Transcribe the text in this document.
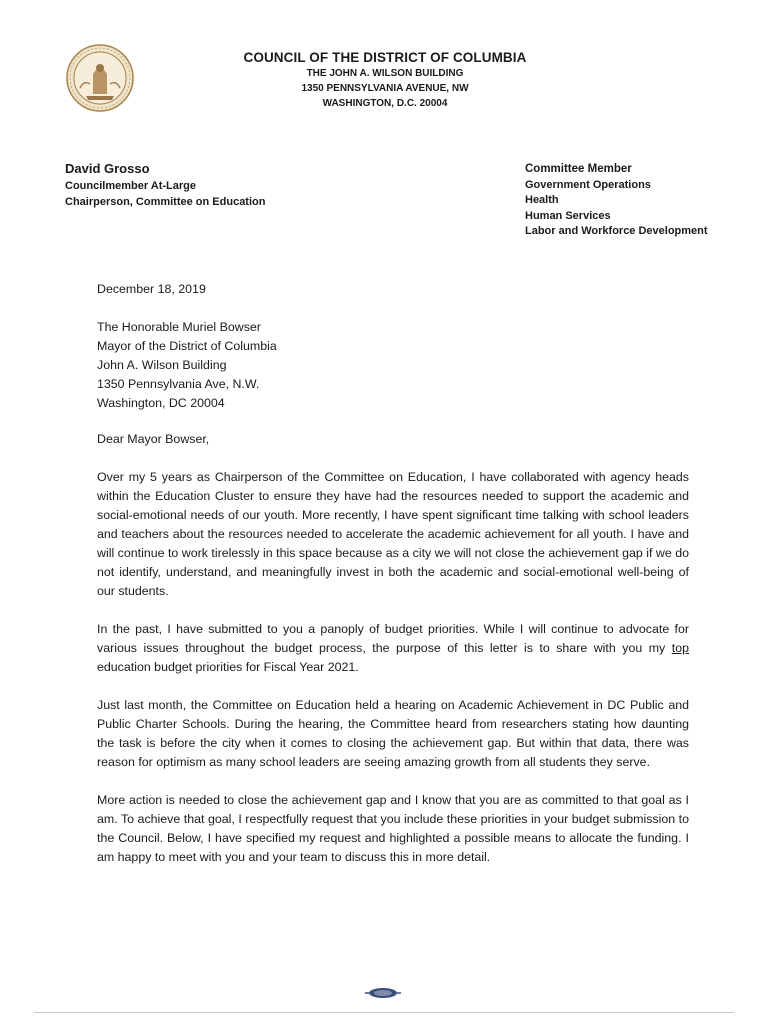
COUNCIL OF THE DISTRICT OF COLUMBIA
THE JOHN A. WILSON BUILDING
1350 PENNSYLVANIA AVENUE, NW
WASHINGTON, D.C. 20004
David Grosso
Councilmember At-Large
Chairperson, Committee on Education
Committee Member
Government Operations
Health
Human Services
Labor and Workforce Development
December 18, 2019
The Honorable Muriel Bowser
Mayor of the District of Columbia
John A. Wilson Building
1350 Pennsylvania Ave, N.W.
Washington, DC 20004
Dear Mayor Bowser,

Over my 5 years as Chairperson of the Committee on Education, I have collaborated with agency heads within the Education Cluster to ensure they have had the resources needed to support the academic and social-emotional needs of our youth. More recently, I have spent significant time talking with school leaders and teachers about the resources needed to accelerate the academic achievement for all youth. I have and will continue to work tirelessly in this space because as a city we will not close the achievement gap if we do not identify, understand, and meaningfully invest in both the academic and social-emotional well-being of our students.

In the past, I have submitted to you a panoply of budget priorities. While I will continue to advocate for various issues throughout the budget process, the purpose of this letter is to share with you my top education budget priorities for Fiscal Year 2021.

Just last month, the Committee on Education held a hearing on Academic Achievement in DC Public and Public Charter Schools. During the hearing, the Committee heard from researchers stating how daunting the task is before the city when it comes to closing the achievement gap. But within that data, there was reason for optimism as many school leaders are seeing amazing growth from all students they serve.

More action is needed to close the achievement gap and I know that you are as committed to that goal as I am. To achieve that goal, I respectfully request that you include these priorities in your budget submission to the Council. Below, I have specified my request and highlighted a possible means to allocate the funding. I am happy to meet with you and your team to discuss this in more detail.
